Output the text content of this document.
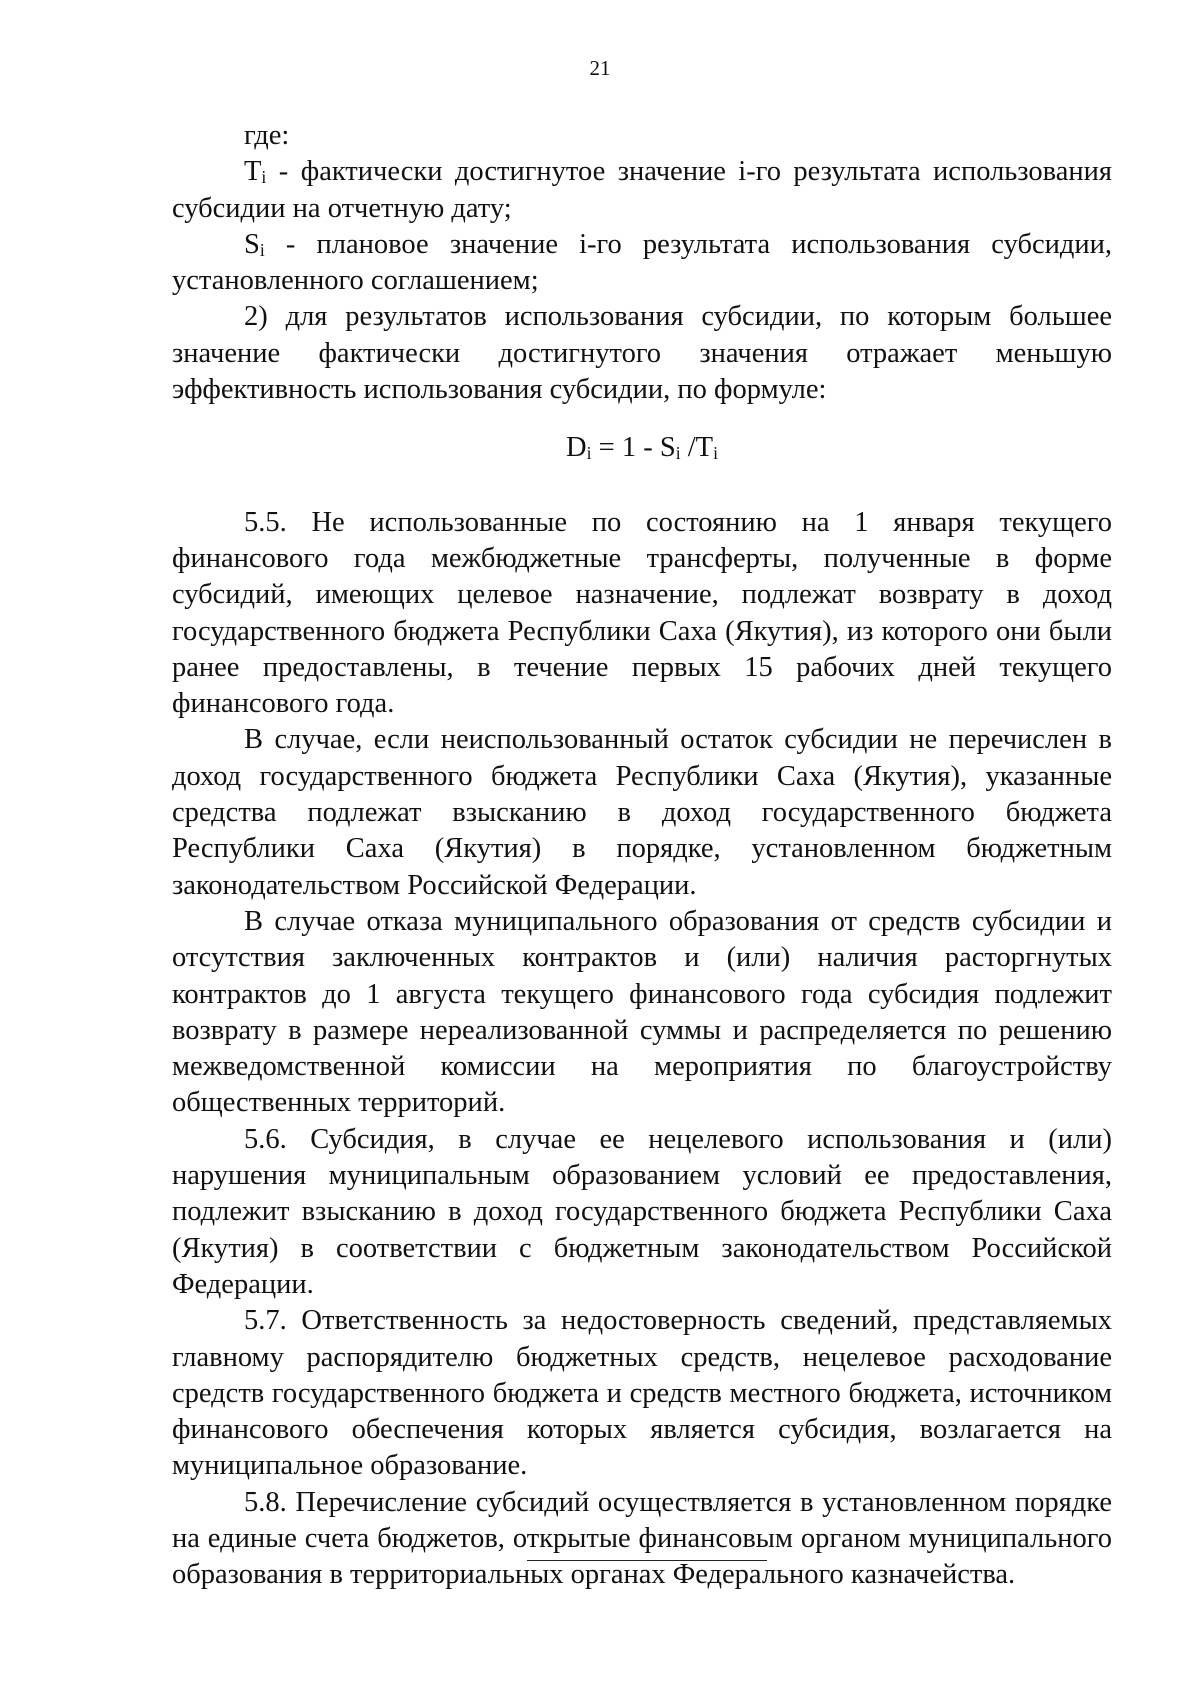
21

где:

$T_i$ - фактически достигнутое значение i-го результата использования субсидии на отчетную дату;

$S_i$ - плановое значение i-го результата использования субсидии, установленного соглашением;

2) для результатов использования субсидии, по которым большее значение фактически достигнутого значения отражает меньшую эффективность использования субсидии, по формуле:

$D_i = 1 - S_i$ $/T_i$

5.5. Не использованные по состоянию на 1 января текущего финансового года межбюджетные трансферты, полученные в форме субсидий, имеющих целевое назначение, подлежат возврату в доход государственного бюджета Республики Саха (Якутия), из которого они были ранее предоставлены, в течение первых 15 рабочих дней текущего финансового года.

В случае, если неиспользованный остаток субсидии не перечислен в доход государственного бюджета Республики Саха (Якутия), указанные средства подлежат взысканию в доход государственного бюджета Республики Саха (Якутия) в порядке, установленном бюджетным законодательством Российской Федерации.

В случае отказа муниципального образования от средств субсидии и отсутствия заключенных контрактов и (или) наличия расторгнутых контрактов до 1 августа текущего финансового года субсидия подлежит возврату в размере нереализованной суммы и распределяется по решению межведомственной комиссии на мероприятия по благоустройству общественных территорий.

5.6. Субсидия, в случае ее нецелевого использования и (или) нарушения муниципальным образованием условий ее предоставления, подлежит взысканию в доход государственного бюджета Республики Саха (Якутия) в соответствии с бюджетным законодательством Российской Федерации.

5.7. Ответственность за недостоверность сведений, представляемых главному распорядителю бюджетных средств, нецелевое расходование средств государственного бюджета и средств местного бюджета, источником финансового обеспечения которых является субсидия, возлагается на муниципальное образование.

5.8. Перечисление субсидий осуществляется в установленном порядке на единые счета бюджетов, открытые финансовым органом муниципального образования в территориальных органах Федерального казначейства.
